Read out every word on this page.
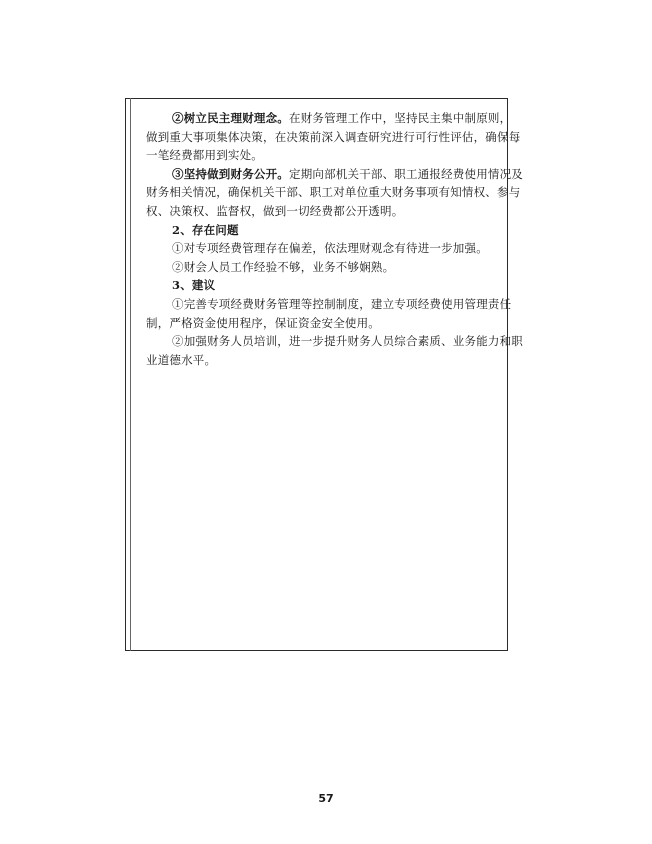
②树立民主理财理念。在财务管理工作中，坚持民主集中制原则，
做到重大事项集体决策，在决策前深入调查研究进行可行性评估，确保每
一笔经费都用到实处。
③坚持做到财务公开。定期向部机关干部、职工通报经费使用情况及
财务相关情况，确保机关干部、职工对单位重大财务事项有知情权、参与
权、决策权、监督权，做到一切经费都公开透明。
2、存在问题
①对专项经费管理存在偏差，依法理财观念有待进一步加强。
②财会人员工作经验不够，业务不够娴熟。
3、建议
①完善专项经费财务管理等控制制度，建立专项经费使用管理责任
制，严格资金使用程序，保证资金安全使用。
②加强财务人员培训，进一步提升财务人员综合素质、业务能力和职
业道德水平。
57
